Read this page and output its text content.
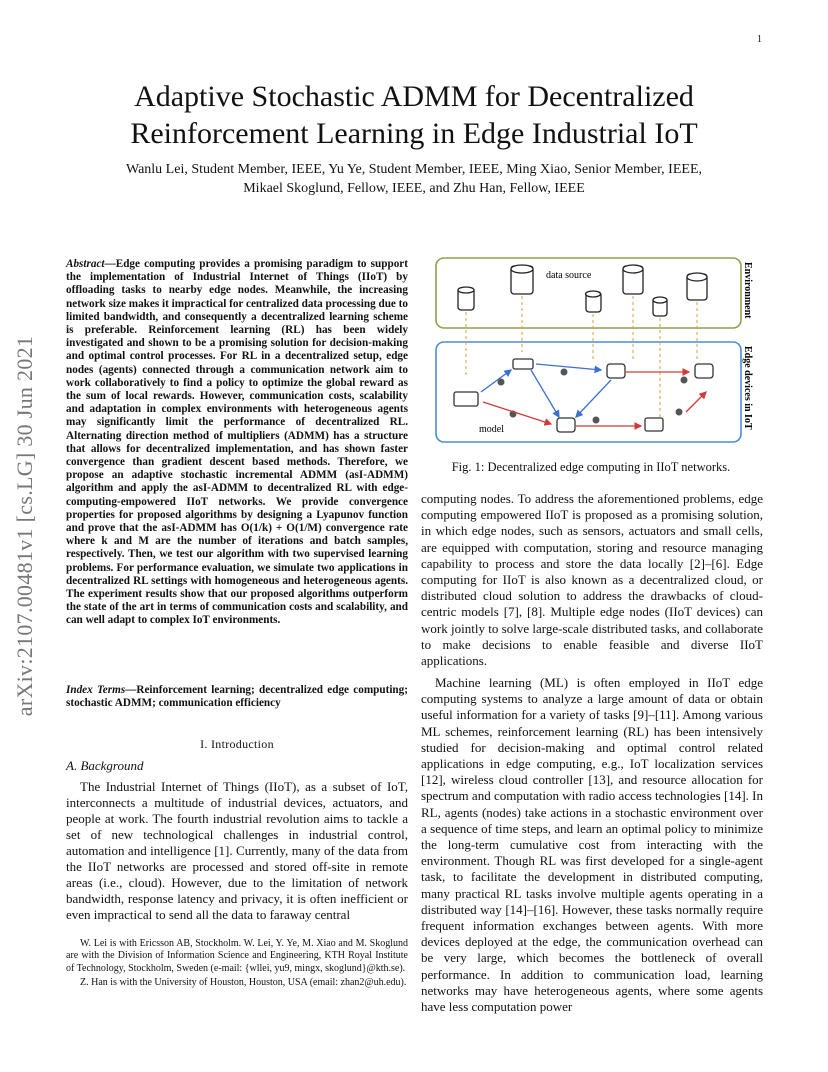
1
Adaptive Stochastic ADMM for Decentralized
Reinforcement Learning in Edge Industrial IoT
Wanlu Lei, Student Member, IEEE, Yu Ye, Student Member, IEEE, Ming Xiao, Senior Member, IEEE,
Mikael Skoglund, Fellow, IEEE, and Zhu Han, Fellow, IEEE
arXiv:2107.00481v1 [cs.LG] 30 Jun 2021
Abstract—Edge computing provides a promising paradigm to support the implementation of Industrial Internet of Things (IIoT) by offloading tasks to nearby edge nodes. Meanwhile, the increasing network size makes it impractical for centralized data processing due to limited bandwidth, and consequently a decentralized learning scheme is preferable. Reinforcement learning (RL) has been widely investigated and shown to be a promising solution for decision-making and optimal control processes. For RL in a decentralized setup, edge nodes (agents) connected through a communication network aim to work collaboratively to find a policy to optimize the global reward as the sum of local rewards. However, communication costs, scalability and adaptation in complex environments with heterogeneous agents may significantly limit the performance of decentralized RL. Alternating direction method of multipliers (ADMM) has a structure that allows for decentralized implementation, and has shown faster convergence than gradient descent based methods. Therefore, we propose an adaptive stochastic incremental ADMM (asI-ADMM) algorithm and apply the asI-ADMM to decentralized RL with edge-computing-empowered IIoT networks. We provide convergence properties for proposed algorithms by designing a Lyapunov function and prove that the asI-ADMM has O(1/k) + O(1/M) convergence rate where k and M are the number of iterations and batch samples, respectively. Then, we test our algorithm with two supervised learning problems. For performance evaluation, we simulate two applications in decentralized RL settings with homogeneous and heterogeneous agents. The experiment results show that our proposed algorithms outperform the state of the art in terms of communication costs and scalability, and can well adapt to complex IoT environments.
Index Terms—Reinforcement learning; decentralized edge computing; stochastic ADMM; communication efficiency
I. Introduction
A. Background

The Industrial Internet of Things (IIoT), as a subset of IoT, interconnects a multitude of industrial devices, actuators, and people at work. The fourth industrial revolution aims to tackle a set of new technological challenges in industrial control, automation and intelligence [1]. Currently, many of the data from the IIoT networks are processed and stored off-site in remote areas (i.e., cloud). However, due to the limitation of network bandwidth, response latency and privacy, it is often inefficient or even impractical to send all the data to faraway central

W. Lei is with Ericsson AB, Stockholm. W. Lei, Y. Ye, M. Xiao and M. Skoglund are with the Division of Information Science and Engineering, KTH Royal Institute of Technology, Stockholm, Sweden (e-mail: {wllei, yu9, mingx, skoglund}@kth.se).

Z. Han is with the University of Houston, Houston, USA (email: zhan2@uh.edu).

Environment
Edge devices in IoT
data source
model
Fig. 1: Decentralized edge computing in IIoT networks.

computing nodes. To address the aforementioned problems, edge computing empowered IIoT is proposed as a promising solution, in which edge nodes, such as sensors, actuators and small cells, are equipped with computation, storing and resource managing capability to process and store the data locally [2]–[6]. Edge computing for IIoT is also known as a decentralized cloud, or distributed cloud solution to address the drawbacks of cloud-centric models [7], [8]. Multiple edge nodes (IIoT devices) can work jointly to solve large-scale distributed tasks, and collaborate to make decisions to enable feasible and diverse IIoT applications.

Machine learning (ML) is often employed in IIoT edge computing systems to analyze a large amount of data or obtain useful information for a variety of tasks [9]–[11]. Among various ML schemes, reinforcement learning (RL) has been intensively studied for decision-making and optimal control related applications in edge computing, e.g., IoT localization services [12], wireless cloud controller [13], and resource allocation for spectrum and computation with radio access technologies [14]. In RL, agents (nodes) take actions in a stochastic environment over a sequence of time steps, and learn an optimal policy to minimize the long-term cumulative cost from interacting with the environment. Though RL was first developed for a single-agent task, to facilitate the development in distributed computing, many practical RL tasks involve multiple agents operating in a distributed way [14]–[16]. However, these tasks normally require frequent information exchanges between agents. With more devices deployed at the edge, the communication overhead can be very large, which becomes the bottleneck of overall performance. In addition to communication load, learning networks may have heterogeneous agents, where some agents have less computation power
